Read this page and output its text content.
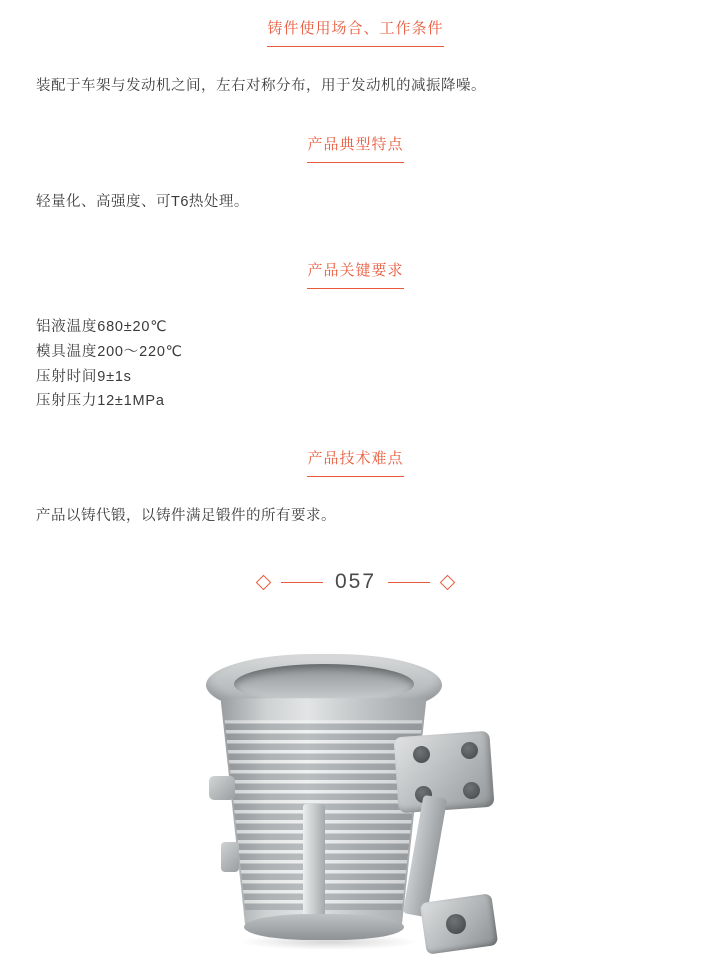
铸件使用场合、工作条件

装配于车架与发动机之间，左右对称分布，用于发动机的减振降噪。

产品典型特点

轻量化、高强度、可T6热处理。

产品关键要求
铝液温度680±20℃
模具温度200～220℃
压射时间9±1s
压射压力12±1MPa
产品技术难点

产品以铸代锻，以铸件满足锻件的所有要求。

057
